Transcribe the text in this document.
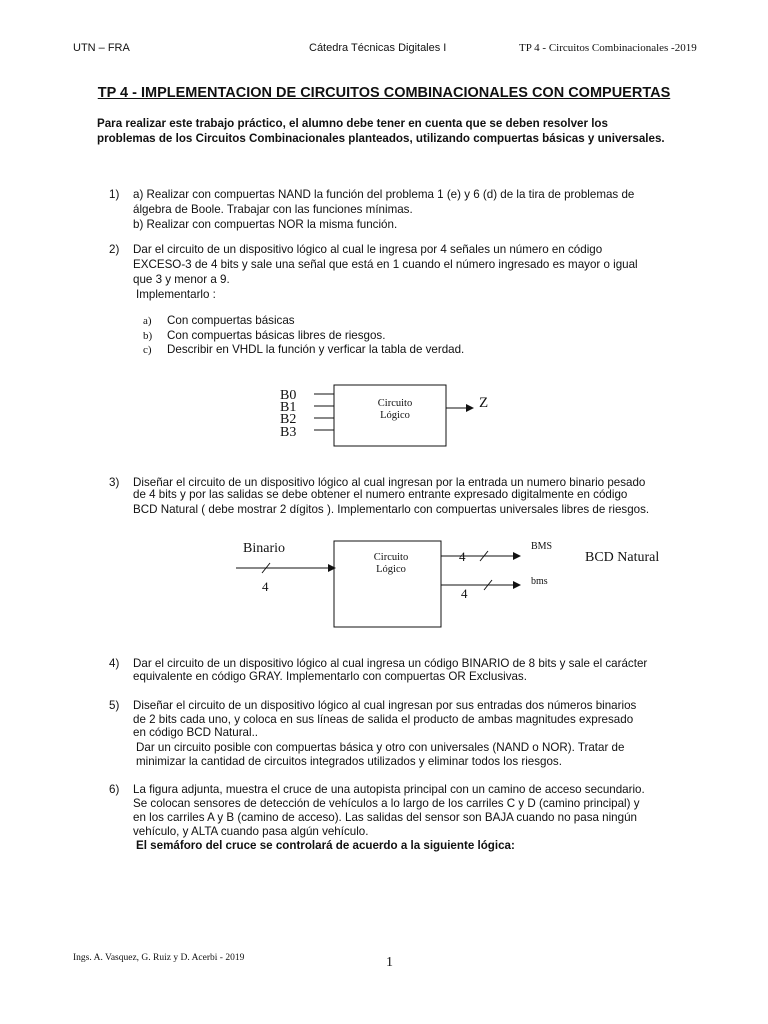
UTN – FRA	Cátedra Técnicas Digitales I	TP 4 - Circuitos Combinacionales -2019
TP 4 - IMPLEMENTACION DE CIRCUITOS COMBINACIONALES CON COMPUERTAS
Para realizar este trabajo práctico, el alumno debe tener en cuenta que se deben resolver los problemas de los Circuitos Combinacionales planteados, utilizando compuertas básicas y universales.
1) a) Realizar con compuertas NAND la función del problema 1 (e) y 6 (d) de la tira de problemas de
álgebra de Boole. Trabajar con las funciones mínimas.
b) Realizar con compuertas NOR la misma función.
2) Dar el circuito de un dispositivo lógico al cual le ingresa por 4 señales un número en código
EXCESO-3 de 4 bits y sale una señal que está en 1 cuando el número ingresado es mayor o igual
que 3 y menor a 9.
Implementarlo :
a) Con compuertas básicas
b) Con compuertas básicas libres de riesgos.
c) Describir en VHDL la función y verficar la tabla de verdad.
B0
B1
B2
B3
Z
Circuito
Lógico
3) Diseñar el circuito de un dispositivo lógico al cual ingresan por la entrada un numero binario pesado
de 4 bits y por las salidas se debe obtener el numero entrante expresado digitalmente en código
BCD Natural ( debe mostrar 2 dígitos ). Implementarlo con compuertas universales libres de riesgos.
Binario
4
4
BMS
4
bms
BCD Natural
Circuito
Lógico
4) Dar el circuito de un dispositivo lógico al cual ingresa un código BINARIO de 8 bits y sale el carácter
equivalente en código GRAY. Implementarlo con compuertas OR Exclusivas.
5) Diseñar el circuito de un dispositivo lógico al cual ingresan por sus entradas dos números binarios
de 2 bits cada uno, y coloca en sus líneas de salida el producto de ambas magnitudes expresado
en código BCD Natural..
Dar un circuito posible con compuertas básica y otro con universales (NAND o NOR). Tratar de
minimizar la cantidad de circuitos integrados utilizados y eliminar todos los riesgos.
6) La figura adjunta, muestra el cruce de una autopista principal con un camino de acceso secundario.
Se colocan sensores de detección de vehículos a lo largo de los carriles C y D (camino principal) y
en los carriles A y B (camino de acceso). Las salidas del sensor son BAJA cuando no pasa ningún
vehículo, y ALTA cuando pasa algún vehículo.
El semáforo del cruce se controlará de acuerdo a la siguiente lógica:
Ings. A. Vasquez, G. Ruiz y D. Acerbi - 2019	1
